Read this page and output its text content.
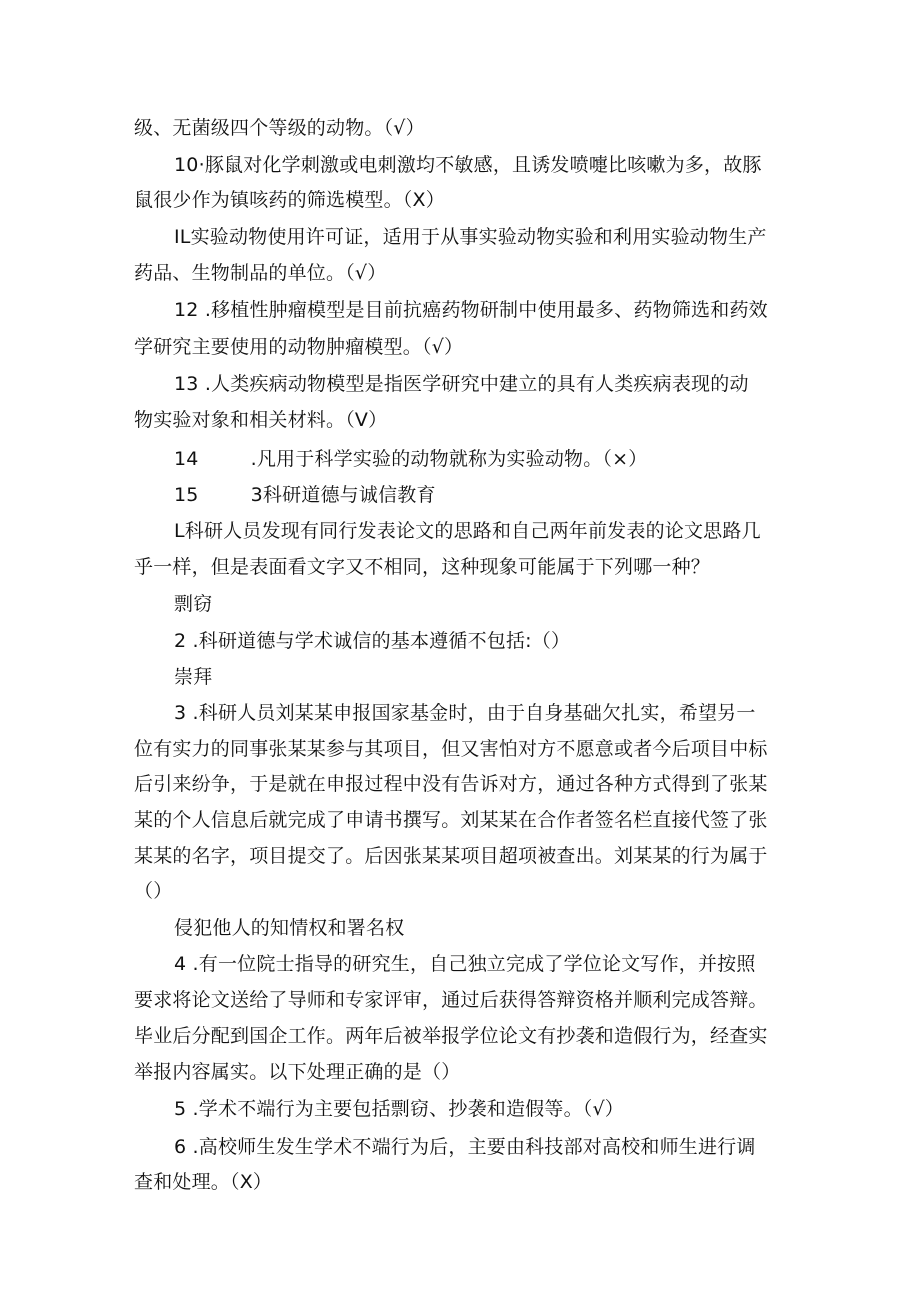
级、无菌级四个等级的动物。（√）
10·豚鼠对化学刺激或电刺激均不敏感，且诱发喷嚏比咳嗽为多，故豚
鼠很少作为镇咳药的筛选模型。（X）
IL实验动物使用许可证，适用于从事实验动物实验和利用实验动物生产
药品、生物制品的单位。（√）
12 .移植性肿瘤模型是目前抗癌药物研制中使用最多、药物筛选和药效
学研究主要使用的动物肿瘤模型。（√）
13 .人类疾病动物模型是指医学研究中建立的具有人类疾病表现的动
物实验对象和相关材料。（V）
14	.凡用于科学实验的动物就称为实验动物。（×）
15	3科研道德与诚信教育
L科研人员发现有同行发表论文的思路和自己两年前发表的论文思路几
乎一样，但是表面看文字又不相同，这种现象可能属于下列哪一种？
剽窃
2 .科研道德与学术诚信的基本遵循不包括:（）
崇拜
3 .科研人员刘某某申报国家基金时，由于自身基础欠扎实，希望另一
位有实力的同事张某某参与其项目，但又害怕对方不愿意或者今后项目中标
后引来纷争，于是就在申报过程中没有告诉对方，通过各种方式得到了张某
某的个人信息后就完成了申请书撰写。刘某某在合作者签名栏直接代签了张
某某的名字，项目提交了。后因张某某项目超项被查出。刘某某的行为属于
（）
侵犯他人的知情权和署名权
4 .有一位院士指导的研究生，自己独立完成了学位论文写作，并按照
要求将论文送给了导师和专家评审，通过后获得答辩资格并顺利完成答辩。
毕业后分配到国企工作。两年后被举报学位论文有抄袭和造假行为，经查实
举报内容属实。以下处理正确的是（）
5 .学术不端行为主要包括剽窃、抄袭和造假等。（√）
6 .高校师生发生学术不端行为后，主要由科技部对高校和师生进行调
查和处理。（X）
